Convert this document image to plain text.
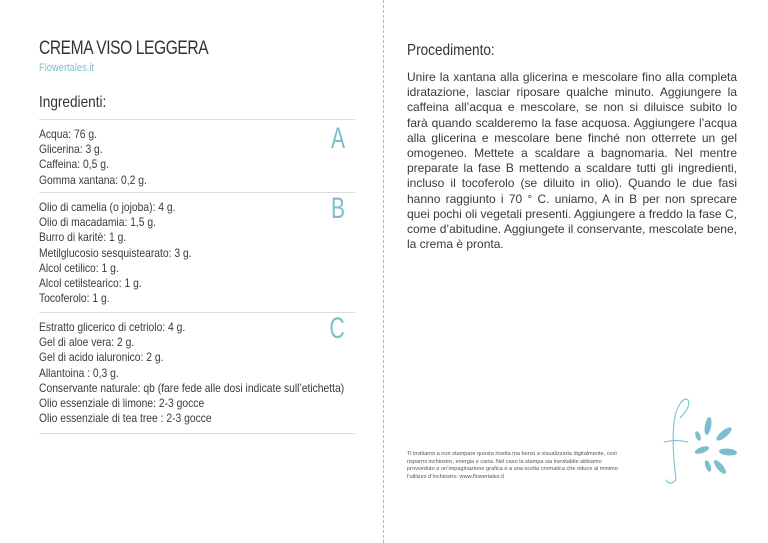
CREMA VISO LEGGERA
Flowertales.it
Ingredienti:
Acqua: 76 g.
Glicerina: 3 g.
Caffeina: 0,5 g.
Gomma xantana: 0,2 g.
A
Olio di camelia (o jojoba): 4 g.
Olio di macadamia: 1,5 g.
Burro di karitè: 1 g.
Metilglucosio sesquistearato: 3 g.
Alcol cetilico: 1 g.
Alcol cetilstearico: 1 g.
Tocoferolo: 1 g.
B
Estratto glicerico di cetriolo: 4 g.
Gel di aloe vera: 2 g.
Gel di acido ialuronico: 2 g.
Allantoina : 0,3 g.
Conservante naturale: qb (fare fede alle dosi indicate sull’etichetta)
Olio essenziale di limone: 2-3 gocce
Olio essenziale di tea tree : 2-3 gocce
C
Procedimento:
Unire la xantana alla glicerina e mescolare fino alla completa idratazione, lasciar riposare qualche minuto. Aggiungere la caffeina all’acqua e mescolare, se non si diluisce subito lo farà quando scalderemo la fase acquosa. Aggiungere l’acqua alla glicerina e mescolare bene finché non otterrete un gel omogeneo. Mettete a scaldare a bagnomaria. Nel mentre preparate la fase B mettendo a scaldare tutti gli ingredienti, incluso il tocoferolo (se diluito in olio). Quando le due fasi hanno raggiunto i 70 ° C. uniamo, A in B per non sprecare quei pochi oli vegetali presenti. Aggiungere a freddo la fase C, come d’abitudine. Aggiungete il conservante, mescolate bene, la crema è pronta.
Ti invitiamo a non stampare questa ricetta ma bensì a visualizzarla digitalmente, così risparmi inchiostro, energia e carta. Nel caso la stampa sia inevitabile abbiamo provveduto a un’impaginazione grafica e a una scelta cromatica che riduce al minimo l’utilizzo d’inchiostro. www.flowertales.it
